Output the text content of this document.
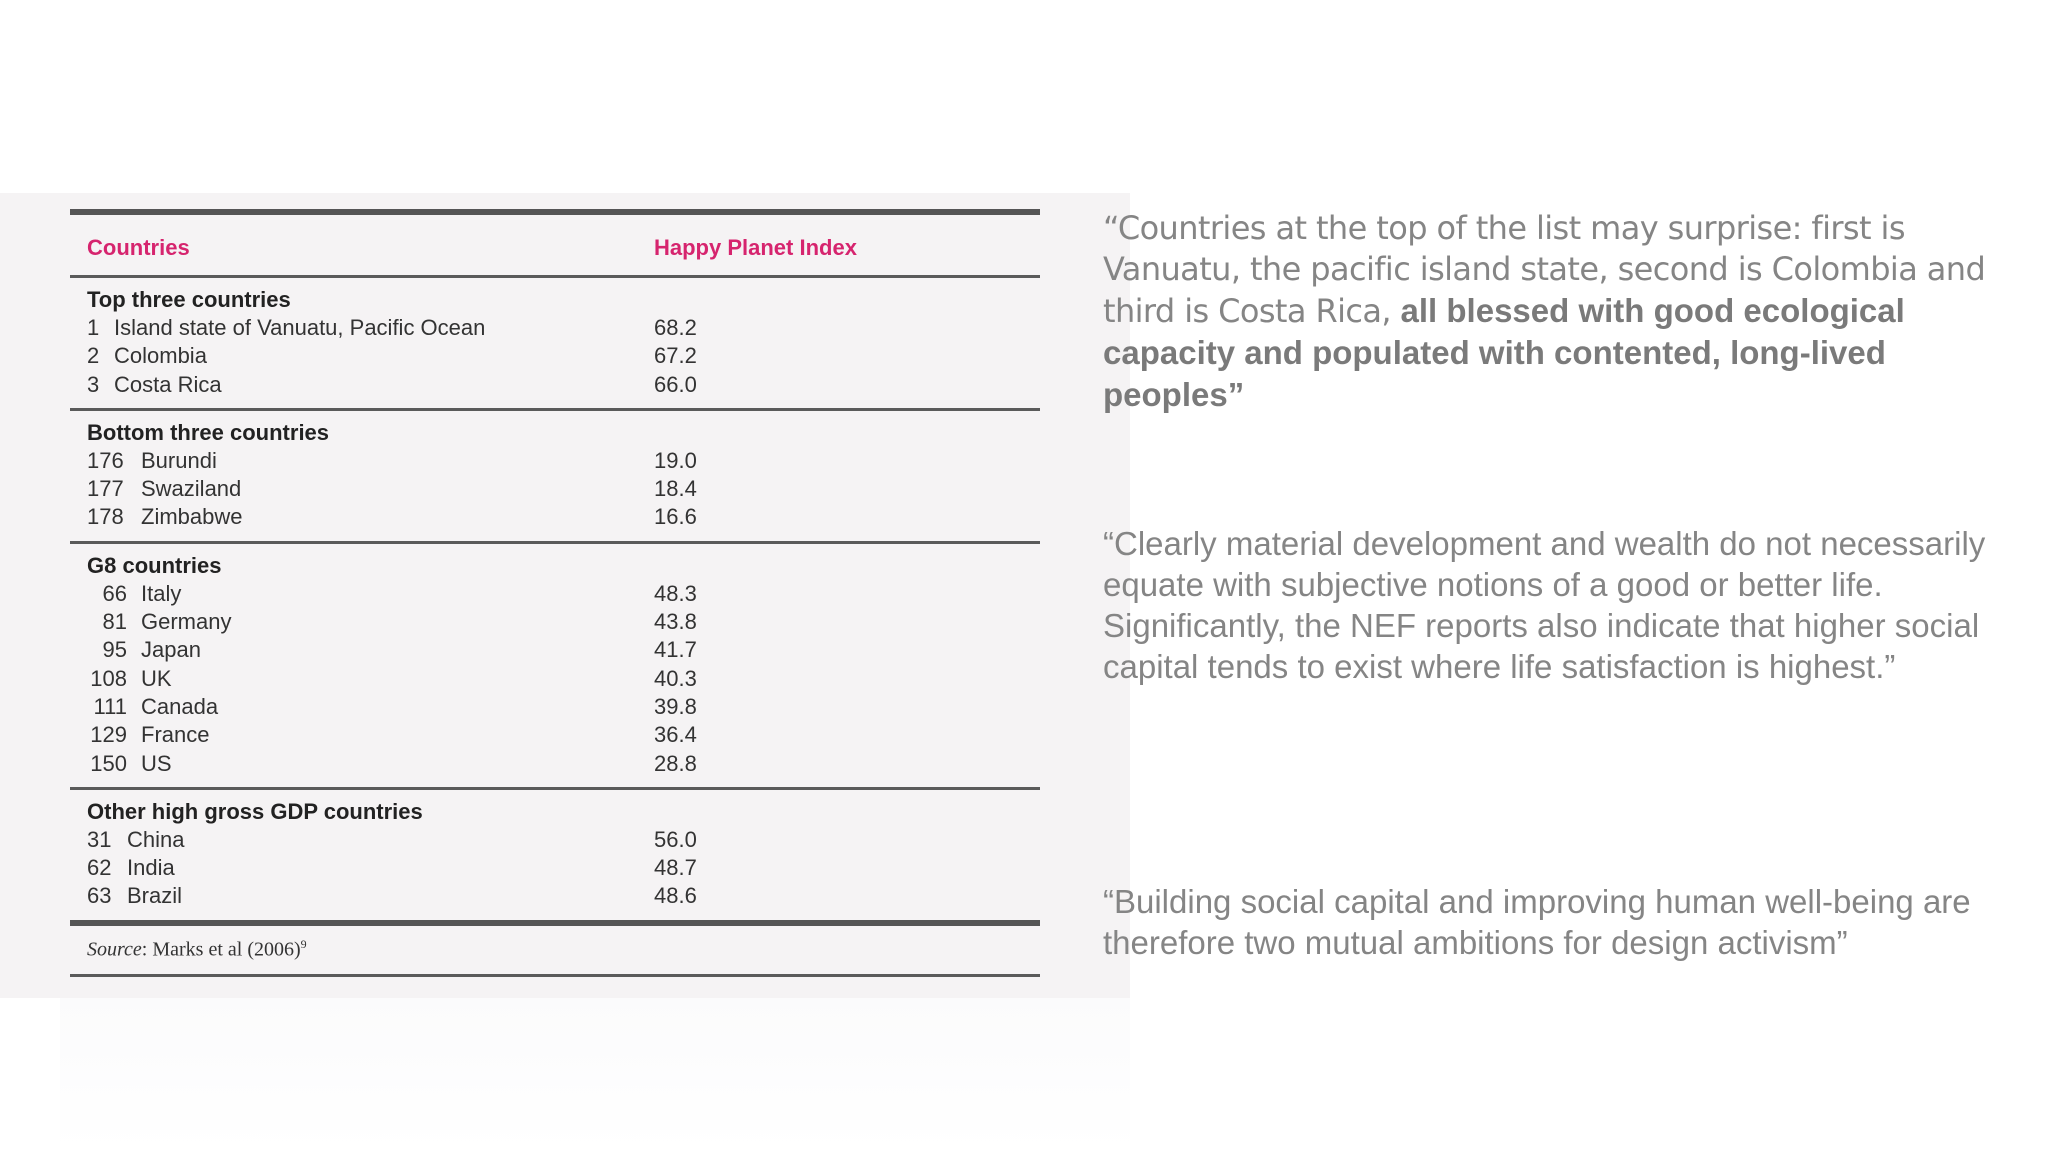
Countries	Happy Planet Index
Top three countries
1 Island state of Vanuatu, Pacific Ocean	68.2
2 Colombia	67.2
3 Costa Rica	66.0
Bottom three countries
176 Burundi	19.0
177 Swaziland	18.4
178 Zimbabwe	16.6
G8 countries
66 Italy	48.3
81 Germany	43.8
95 Japan	41.7
108 UK	40.3
111 Canada	39.8
129 France	36.4
150 US	28.8
Other high gross GDP countries
31 China	56.0
62 India	48.7
63 Brazil	48.6
Source: Marks et al $(2006)^9$
“Countries at the top of the list may surprise: first is Vanuatu, the pacific island state, second is Colombia and third is Costa Rica, all blessed with good ecological capacity and populated with contented, long-lived peoples”
“Clearly material development and wealth do not necessarily equate with subjective notions of a good or better life. Significantly, the NEF reports also indicate that higher social capital tends to exist where life satisfaction is highest.”
“Building social capital and improving human well-being are therefore two mutual ambitions for design activism”
